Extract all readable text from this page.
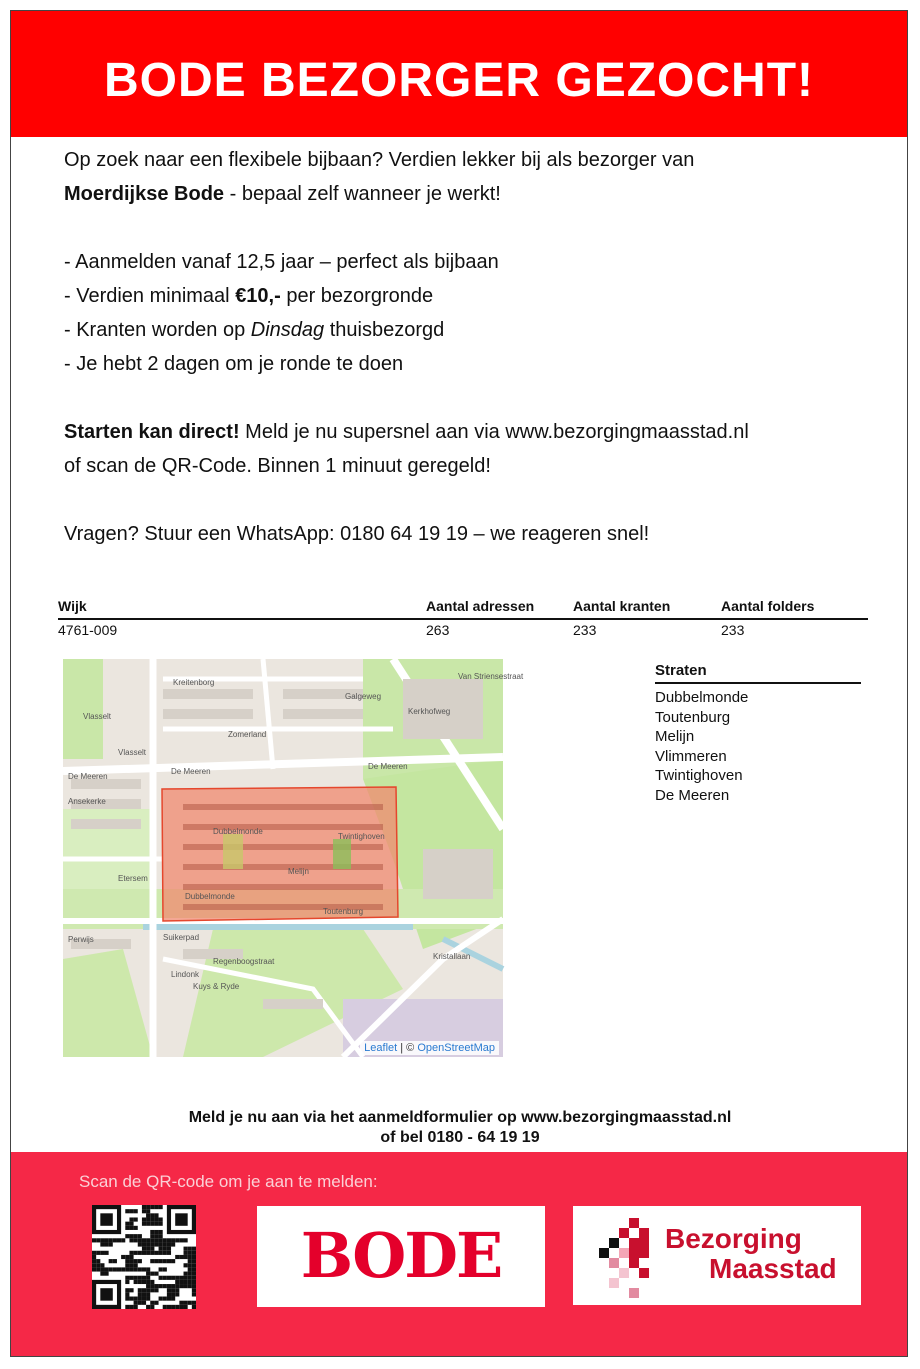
BODE BEZORGER GEZOCHT!

Op zoek naar een flexibele bijbaan? Verdien lekker bij als bezorger van

Moerdijkse Bode - bepaal zelf wanneer je werkt!

- Aanmelden vanaf 12,5 jaar – perfect als bijbaan

- Verdien minimaal €10,- per bezorgronde

- Kranten worden op Dinsdag thuisbezorgd

- Je hebt 2 dagen om je ronde te doen

Starten kan direct! Meld je nu supersnel aan via www.bezorgingmaasstad.nl

of scan de QR-Code. Binnen 1 minuut geregeld!

Vragen? Stuur een WhatsApp: 0180 64 19 19 – we reageren snel!

Wijk	Aantal adressen	Aantal kranten	Aantal folders
4761-009	263	233	233
Kreitenborg
Vlasselt
Vlasselt
Zomerland
De Meeren
De Meeren
De Meeren
Ansekerke
Dubbelmonde
Twintighoven
Dubbelmonde
Toutenburg
Melijn
Etersem
Suikerpad
Perwijs
Lindonk
Kristallaan
Kerkhofweg
Galgeweg
Van Striensestraat
Regenboogstraat
Kuys & Ryde
Leaflet | © OpenStreetMap
Straten
Dubbelmonde
Toutenburg
Melijn
Vlimmeren
Twintighoven
De Meeren
Meld je nu aan via het aanmeldformulier op www.bezorgingmaasstad.nl
of bel 0180 - 64 19 19
Scan de QR-code om je aan te melden:
BODE	Bezorging
Maasstad
